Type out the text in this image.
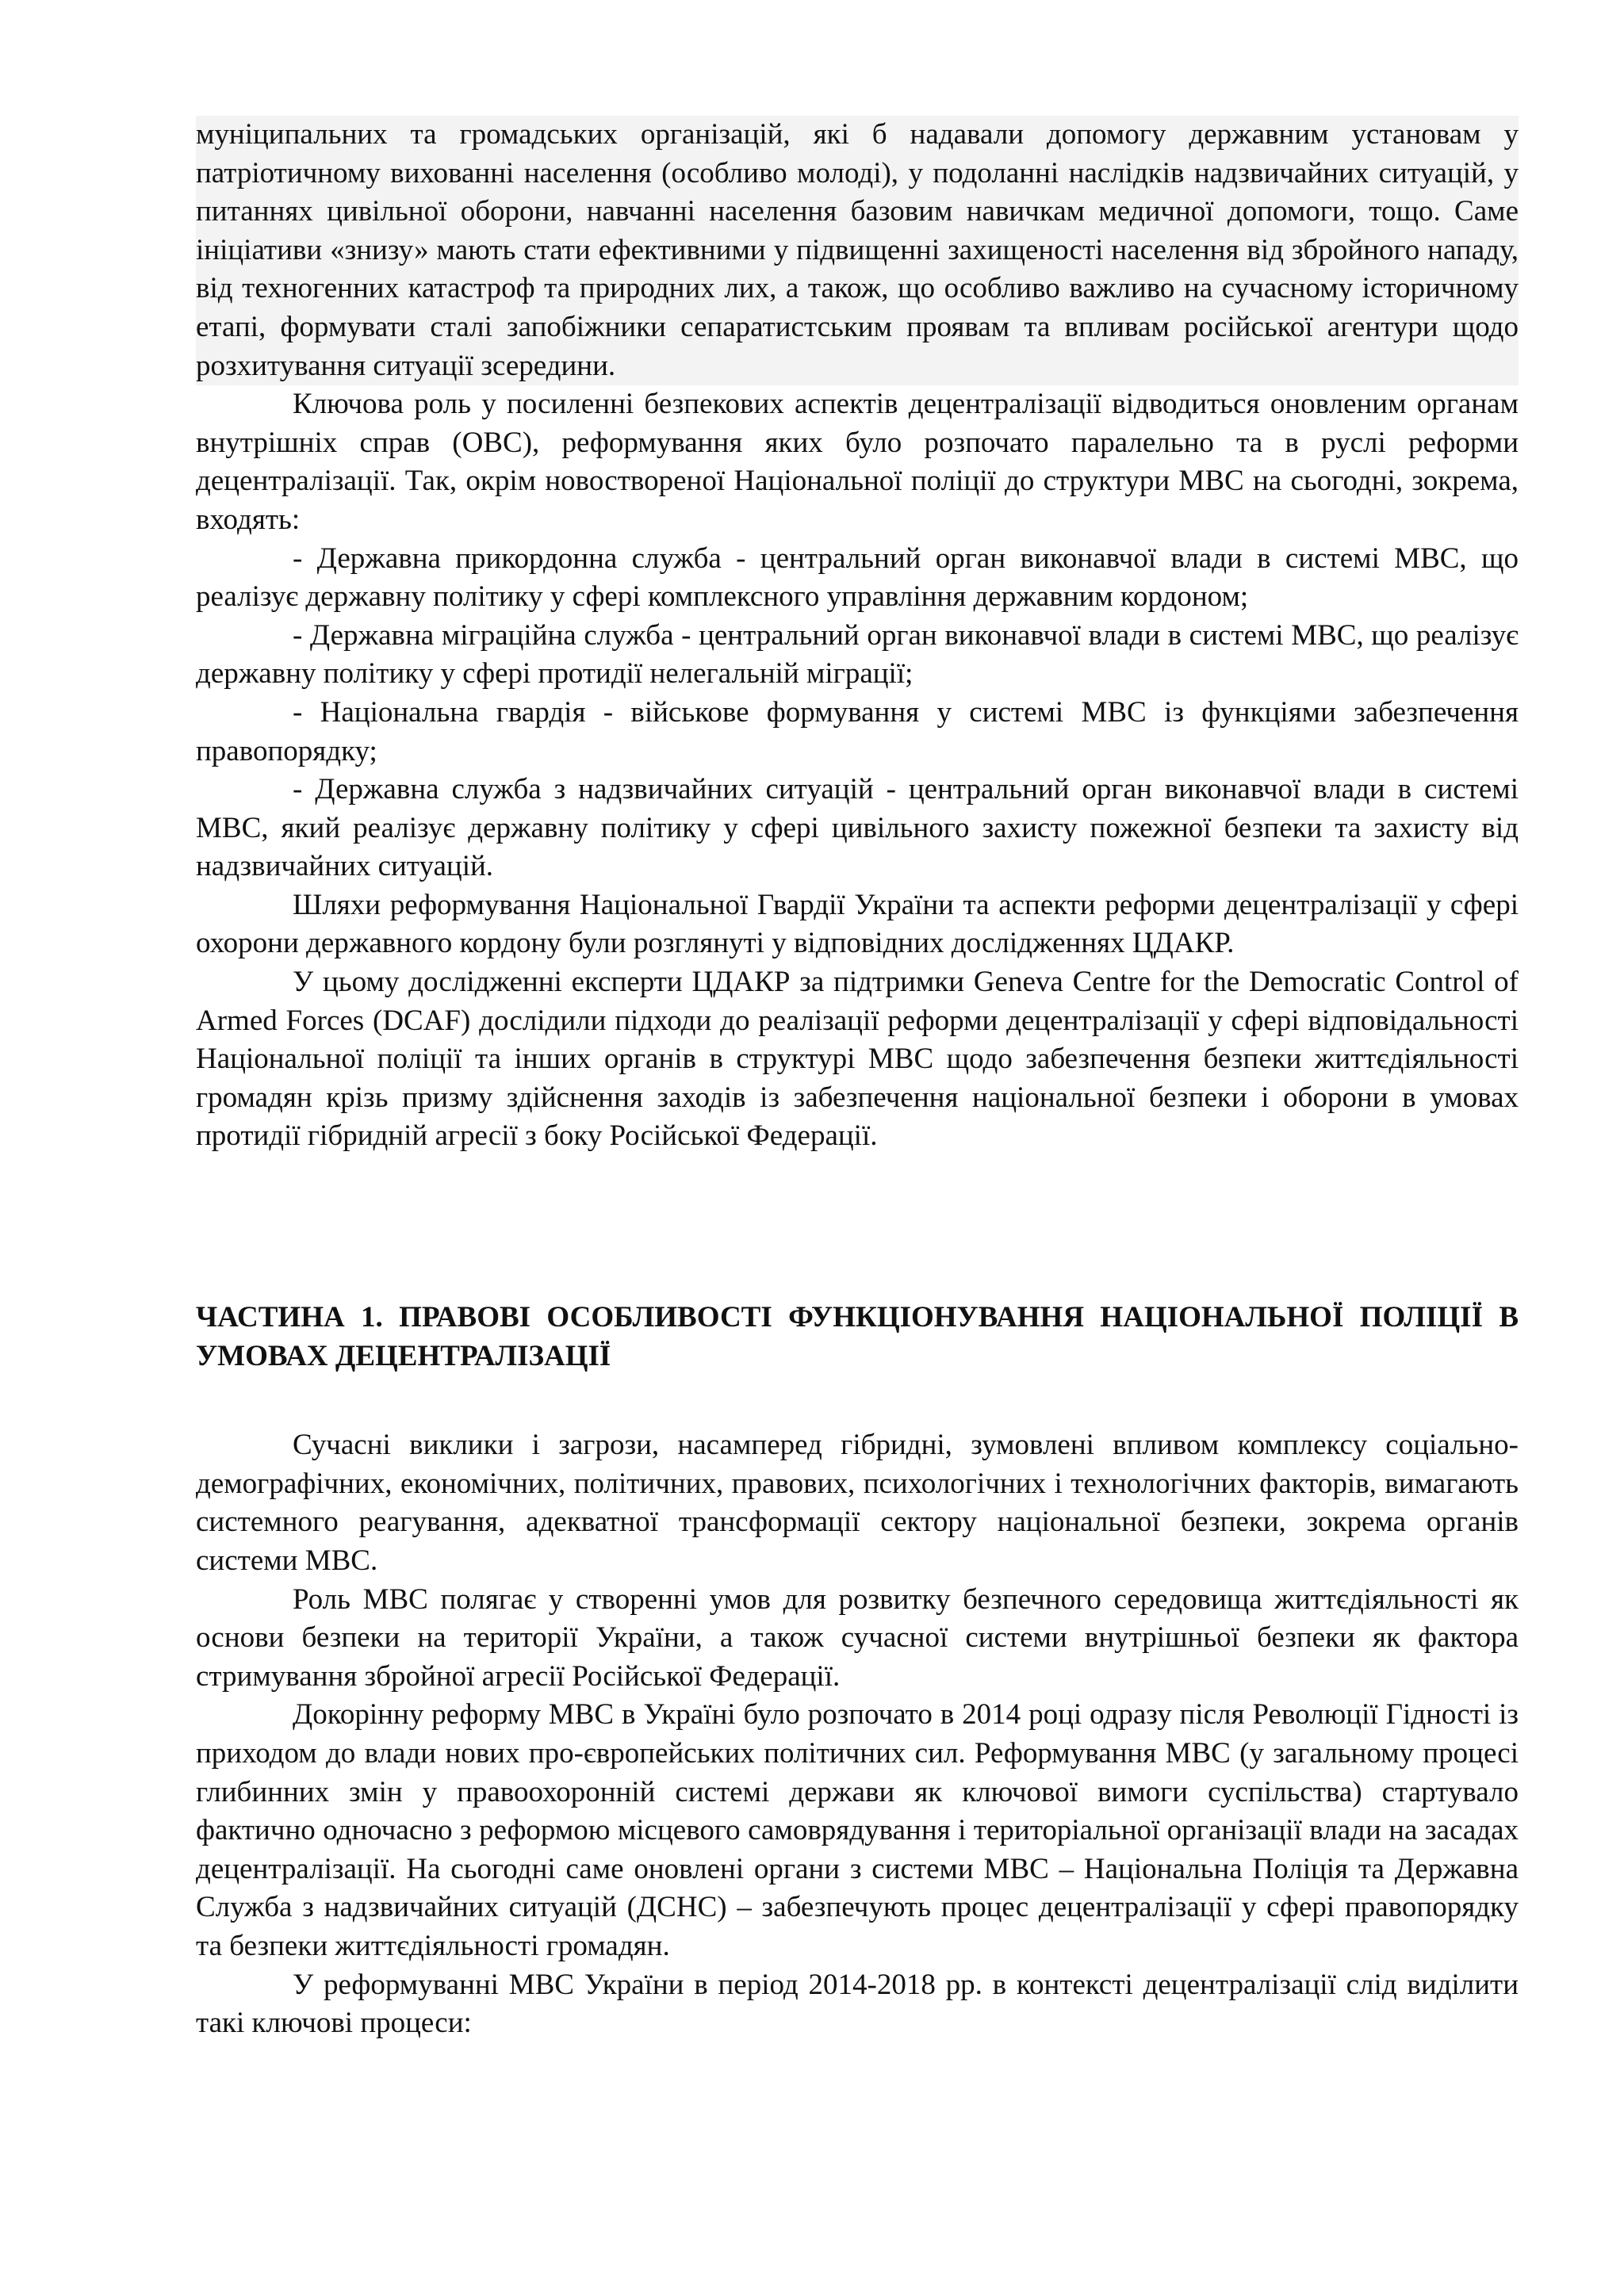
муніципальних та громадських організацій, які б надавали допомогу державним установам у патріотичному вихованні населення (особливо молоді), у подоланні наслідків надзвичайних ситуацій, у питаннях цивільної оборони, навчанні населення базовим навичкам медичної допомоги, тощо. Саме ініціативи «знизу» мають стати ефективними у підвищенні захищеності населення від збройного нападу, від техногенних катастроф та природних лих, а також, що особливо важливо на сучасному історичному етапі, формувати сталі запобіжники сепаратистським проявам та впливам російської агентури щодо розхитування ситуації зсередини.

Ключова роль у посиленні безпекових аспектів децентралізації відводиться оновленим органам внутрішніх справ (ОВС), реформування яких було розпочато паралельно та в руслі реформи децентралізації. Так, окрім новоствореної Національної поліції до структури МВС на сьогодні, зокрема, входять:

- Державна прикордонна служба - центральний орган виконавчої влади в системі МВС, що реалізує державну політику у сфері комплексного управління державним кордоном;

- Державна міграційна служба - центральний орган виконавчої влади в системі МВС, що реалізує державну політику у сфері протидії нелегальній міграції;

- Національна гвардія - військове формування у системі МВС із функціями забезпечення правопорядку;

- Державна служба з надзвичайних ситуацій - центральний орган виконавчої влади в системі МВС, який реалізує державну політику у сфері цивільного захисту пожежної безпеки та захисту від надзвичайних ситуацій.

Шляхи реформування Національної Гвардії України та аспекти реформи децентралізації у сфері охорони державного кордону були розглянуті у відповідних дослідженнях ЦДАКР.

У цьому дослідженні експерти ЦДАКР за підтримки Geneva Centre for the Democratic Control of Armed Forces (DCAF) дослідили підходи до реалізації реформи децентралізації у сфері відповідальності Національної поліції та інших органів в структурі МВС щодо забезпечення безпеки життєдіяльності громадян крізь призму здійснення заходів із забезпечення національної безпеки і оборони в умовах протидії гібридній агресії з боку Російської Федерації.

ЧАСТИНА 1. ПРАВОВІ ОСОБЛИВОСТІ ФУНКЦІОНУВАННЯ НАЦІОНАЛЬНОЇ ПОЛІЦІЇ В УМОВАХ ДЕЦЕНТРАЛІЗАЦІЇ

Сучасні виклики і загрози, насамперед гібридні, зумовлені впливом комплексу соціально-демографічних, економічних, політичних, правових, психологічних і технологічних факторів, вимагають системного реагування, адекватної трансформації сектору національної безпеки, зокрема органів системи МВС.

Роль МВС полягає у створенні умов для розвитку безпечного середовища життєдіяльності як основи безпеки на території України, а також сучасної системи внутрішньої безпеки як фактора стримування збройної агресії Російської Федерації.

Докорінну реформу МВС в Україні було розпочато в 2014 році одразу після Революції Гідності із приходом до влади нових про-європейських політичних сил. Реформування МВС (у загальному процесі глибинних змін у правоохоронній системі держави як ключової вимоги суспільства) стартувало фактично одночасно з реформою місцевого самоврядування і територіальної організації влади на засадах децентралізації. На сьогодні саме оновлені органи з системи МВС – Національна Поліція та Державна Служба з надзвичайних ситуацій (ДСНС) – забезпечують процес децентралізації у сфері правопорядку та безпеки життєдіяльності громадян.

У реформуванні МВС України в період 2014-2018 рр. в контексті децентралізації слід виділити такі ключові процеси:
